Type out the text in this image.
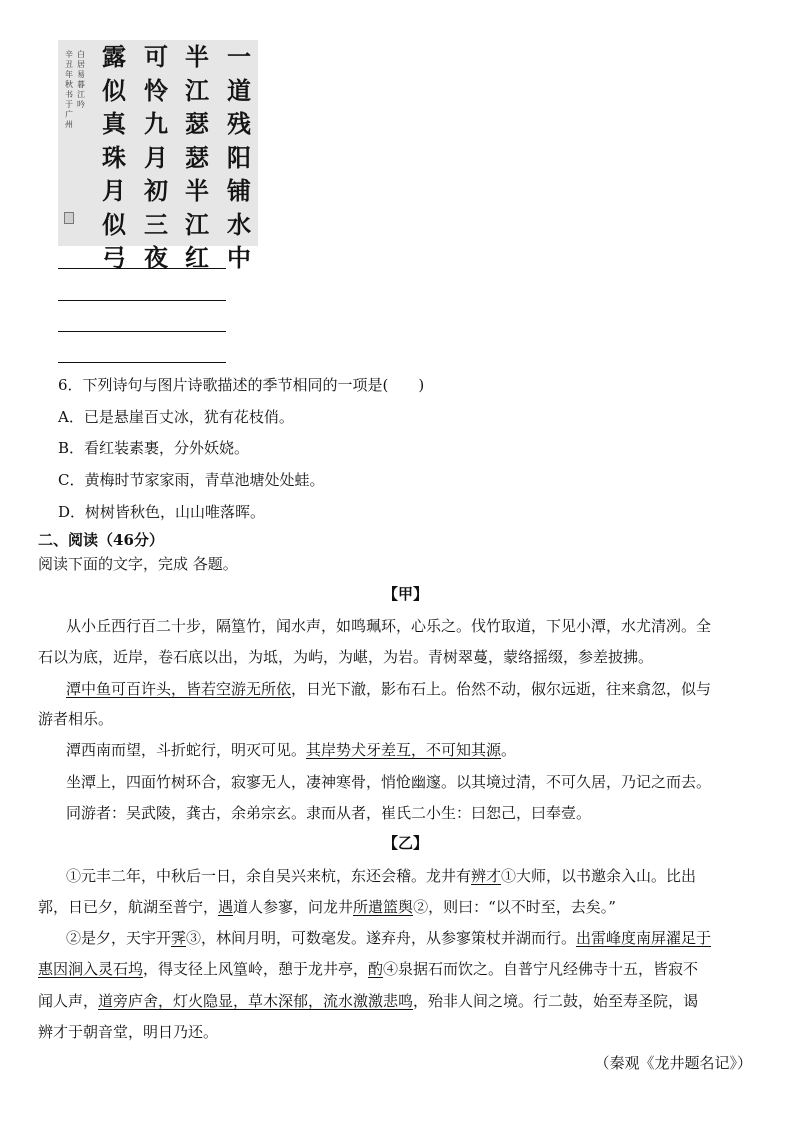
一道残阳铺水中
半江瑟瑟半江红
可怜九月初三夜
露似真珠月似弓
白居易暮江吟
辛丑年秋书于广州
6．下列诗句与图片诗歌描述的季节相同的一项是(　　)
A．已是悬崖百丈冰，犹有花枝俏。
B．看红装素裹，分外妖娆。
C．黄梅时节家家雨，青草池塘处处蛙。
D．树树皆秋色，山山唯落晖。
二、阅读（46分）
阅读下面的文字，完成 各题。
【甲】
从小丘西行百二十步，隔篁竹，闻水声，如鸣珮环，心乐之。伐竹取道，下见小潭，水尤清冽。全
石以为底，近岸，卷石底以出，为坻，为屿，为嵁，为岩。青树翠蔓，蒙络摇缀，参差披拂。
潭中鱼可百许头，皆若空游无所依，日光下澈，影布石上。佁然不动，俶尔远逝，往来翕忽，似与
游者相乐。
潭西南而望，斗折蛇行，明灭可见。其岸势犬牙差互，不可知其源。
坐潭上，四面竹树环合，寂寥无人，凄神寒骨，悄怆幽邃。以其境过清，不可久居，乃记之而去。
同游者：吴武陵，龚古，余弟宗玄。隶而从者，崔氏二小生：曰恕己，曰奉壹。
【乙】
①元丰二年，中秋后一日，余自吴兴来杭，东还会稽。龙井有辨才①大师，以书邀余入山。比出
郭，日已夕，航湖至普宁，遇道人参寥，问龙井所遣篮舆②，则曰：“以不时至，去矣。”
②是夕，天宇开霁③，林间月明，可数毫发。遂弃舟，从参寥策杖并湖而行。出雷峰度南屏濯足于
惠因涧入灵石坞，得支径上风篁岭，憩于龙井亭，酌④泉据石而饮之。自普宁凡经佛寺十五，皆寂不
闻人声，道旁庐舍，灯火隐显，草木深郁，流水激激悲鸣，殆非人间之境。行二鼓，始至寿圣院，谒
辨才于朝音堂，明日乃还。
（秦观《龙井题名记》）
